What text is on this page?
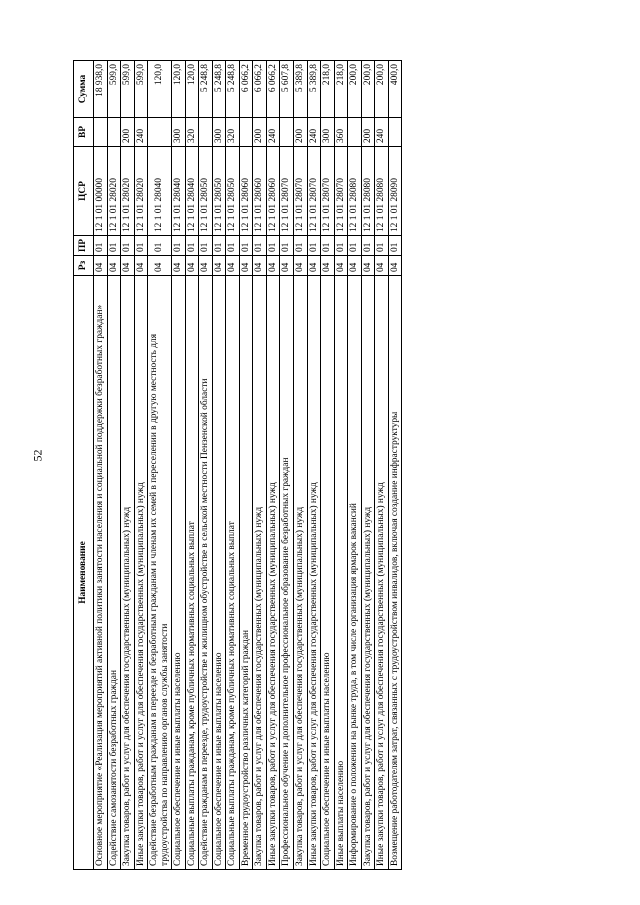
52
Наименование	Рз	ПР	ЦСР	ВР	Сумма
Основное мероприятие «Реализация мероприятий активной политики занятости населения и социальной поддержки безработных граждан»	04	01	12 1 01 00000		18 938,0
Содействие самозанятости безработных граждан	04	01	12 1 01 28020		599,0
Закупка товаров, работ и услуг для обеспечения государственных (муниципальных) нужд	04	01	12 1 01 28020	200	599,0
Иные закупки товаров, работ и услуг для обеспечения государственных (муниципальных) нужд	04	01	12 1 01 28020	240	599,0
Содействие безработным гражданам в переезде и безработным гражданам и членам их семей в переселении в другую местность для трудоустройства по направлению органов службы занятости	04	01	12 1 01 28040		120,0
Социальное обеспечение и иные выплаты населению	04	01	12 1 01 28040	300	120,0
Социальные выплаты гражданам, кроме публичных нормативных социальных выплат	04	01	12 1 01 28040	320	120,0
Содействие гражданам в переезде, трудоустройстве и жилищном обустройстве в сельской местности Пензенской области	04	01	12 1 01 28050		5 248,8
Социальное обеспечение и иные выплаты населению	04	01	12 1 01 28050	300	5 248,8
Социальные выплаты гражданам, кроме публичных нормативных социальных выплат	04	01	12 1 01 28050	320	5 248,8
Временное трудоустройство различных категорий граждан	04	01	12 1 01 28060		6 066,2
Закупка товаров, работ и услуг для обеспечения государственных (муниципальных) нужд	04	01	12 1 01 28060	200	6 066,2
Иные закупки товаров, работ и услуг для обеспечения государственных (муниципальных) нужд	04	01	12 1 01 28060	240	6 066,2
Профессиональное обучение и дополнительное профессиональное образование безработных граждан	04	01	12 1 01 28070		5 607,8
Закупка товаров, работ и услуг для обеспечения государственных (муниципальных) нужд	04	01	12 1 01 28070	200	5 389,8
Иные закупки товаров, работ и услуг для обеспечения государственных (муниципальных) нужд	04	01	12 1 01 28070	240	5 389,8
Социальное обеспечение и иные выплаты населению	04	01	12 1 01 28070	300	218,0
Иные выплаты населению	04	01	12 1 01 28070	360	218,0
Информирование о положении на рынке труда, в том числе организация ярмарок вакансий	04	01	12 1 01 28080		200,0
Закупка товаров, работ и услуг для обеспечения государственных (муниципальных) нужд	04	01	12 1 01 28080	200	200,0
Иные закупки товаров, работ и услуг для обеспечения государственных (муниципальных) нужд	04	01	12 1 01 28080	240	200,0
Возмещение работодателям затрат, связанных с трудоустройством инвалидов, включая создание инфраструктуры	04	01	12 1 01 28090		400,0
